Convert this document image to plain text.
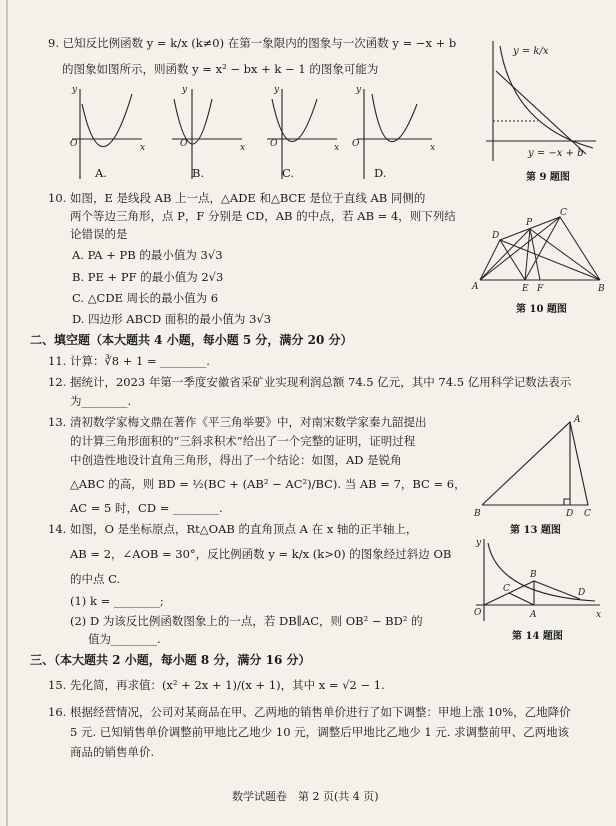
9. 已知反比例函数 y = k/x (k≠0) 在第一象限内的图象与一次函数 y = −x + b
的图象如图所示，则函数 y = x² − bx + k − 1 的图象可能为
y
x
O
y
x
O
y
x
O
y
x
O
A.	B.	C.	D.
y = k/x
y = −x + b
第 9 题图
10. 如图，E 是线段 AB 上一点，△ADE 和△BCE 是位于直线 AB 同侧的
两个等边三角形，点 P，F 分别是 CD，AB 的中点，若 AB = 4，则下列结
论错误的是
A. PA + PB 的最小值为 3√3
B. PE + PF 的最小值为 2√3
C. △CDE 周长的最小值为 6
D. 四边形 ABCD 面积的最小值为 3√3
A	B
C
D
P
E F
第 10 题图
二、填空题（本大题共 4 小题，每小题 5 分，满分 20 分）
11. 计算：∛8 + 1 = ________.
12. 据统计，2023 年第一季度安徽省采矿业实现利润总额 74.5 亿元，其中 74.5 亿用科学记数法表示
为________.
13. 清初数学家梅文鼎在著作《平三角举要》中，对南宋数学家秦九韶提出
的计算三角形面积的“三斜求积术”给出了一个完整的证明，证明过程
中创造性地设计直角三角形，得出了一个结论：如图，AD 是锐角
△ABC 的高，则 BD = ½(BC + (AB² − AC²)/BC). 当 AB = 7，BC = 6，
AC = 5 时，CD = ________.	B	D C
A
第 13 题图
14. 如图，O 是坐标原点，Rt△OAB 的直角顶点 A 在 x 轴的正半轴上，
AB = 2，∠AOB = 30°，反比例函数 y = k/x (k>0) 的图象经过斜边 OB
的中点 C.
(1) k = ________;
(2) D 为该反比例函数图象上的一点，若 DB∥AC，则 OB² − BD² 的
值为________.
y
x
O	A
B
C	D
第 14 题图
三、（本大题共 2 小题，每小题 8 分，满分 16 分）
15. 先化简，再求值：(x² + 2x + 1)/(x + 1)，其中 x = √2 − 1.
16. 根据经营情况，公司对某商品在甲、乙两地的销售单价进行了如下调整：甲地上涨 10%，乙地降价
5 元. 已知销售单价调整前甲地比乙地少 10 元，调整后甲地比乙地少 1 元. 求调整前甲、乙两地该
商品的销售单价.
数学试题卷　第 2 页(共 4 页)
